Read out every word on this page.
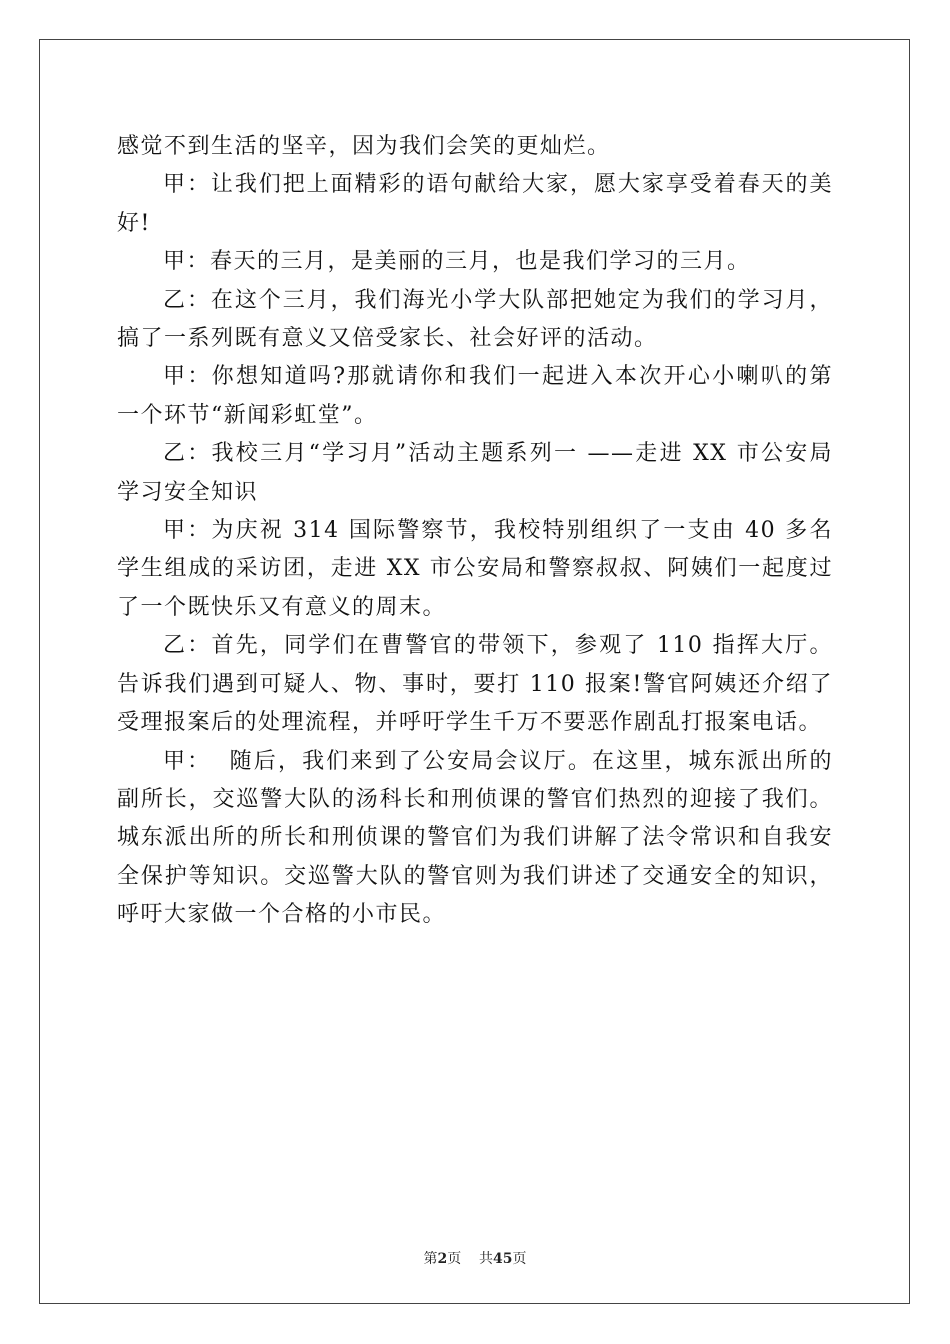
感觉不到生活的坚辛，因为我们会笑的更灿烂。

甲：让我们把上面精彩的语句献给大家，愿大家享受着春天的美好!

甲：春天的三月，是美丽的三月，也是我们学习的三月。

乙：在这个三月，我们海光小学大队部把她定为我们的学习月，搞了一系列既有意义又倍受家长、社会好评的活动。

甲：你想知道吗?那就请你和我们一起进入本次开心小喇叭的第一个环节“新闻彩虹堂”。

乙：我校三月“学习月”活动主题系列一 ——走进 XX 市公安局学习安全知识

甲：为庆祝 314 国际警察节，我校特别组织了一支由 40 多名学生组成的采访团，走进 XX 市公安局和警察叔叔、阿姨们一起度过了一个既快乐又有意义的周末。

乙：首先，同学们在曹警官的带领下，参观了 110 指挥大厅。告诉我们遇到可疑人、物、事时，要打 110 报案!警官阿姨还介绍了受理报案后的处理流程，并呼吁学生千万不要恶作剧乱打报案电话。

甲：  随后，我们来到了公安局会议厅。在这里，城东派出所的副所长，交巡警大队的汤科长和刑侦课的警官们热烈的迎接了我们。城东派出所的所长和刑侦课的警官们为我们讲解了法令常识和自我安全保护等知识。交巡警大队的警官则为我们讲述了交通安全的知识，呼吁大家做一个合格的小市民。

第2页 共45页
